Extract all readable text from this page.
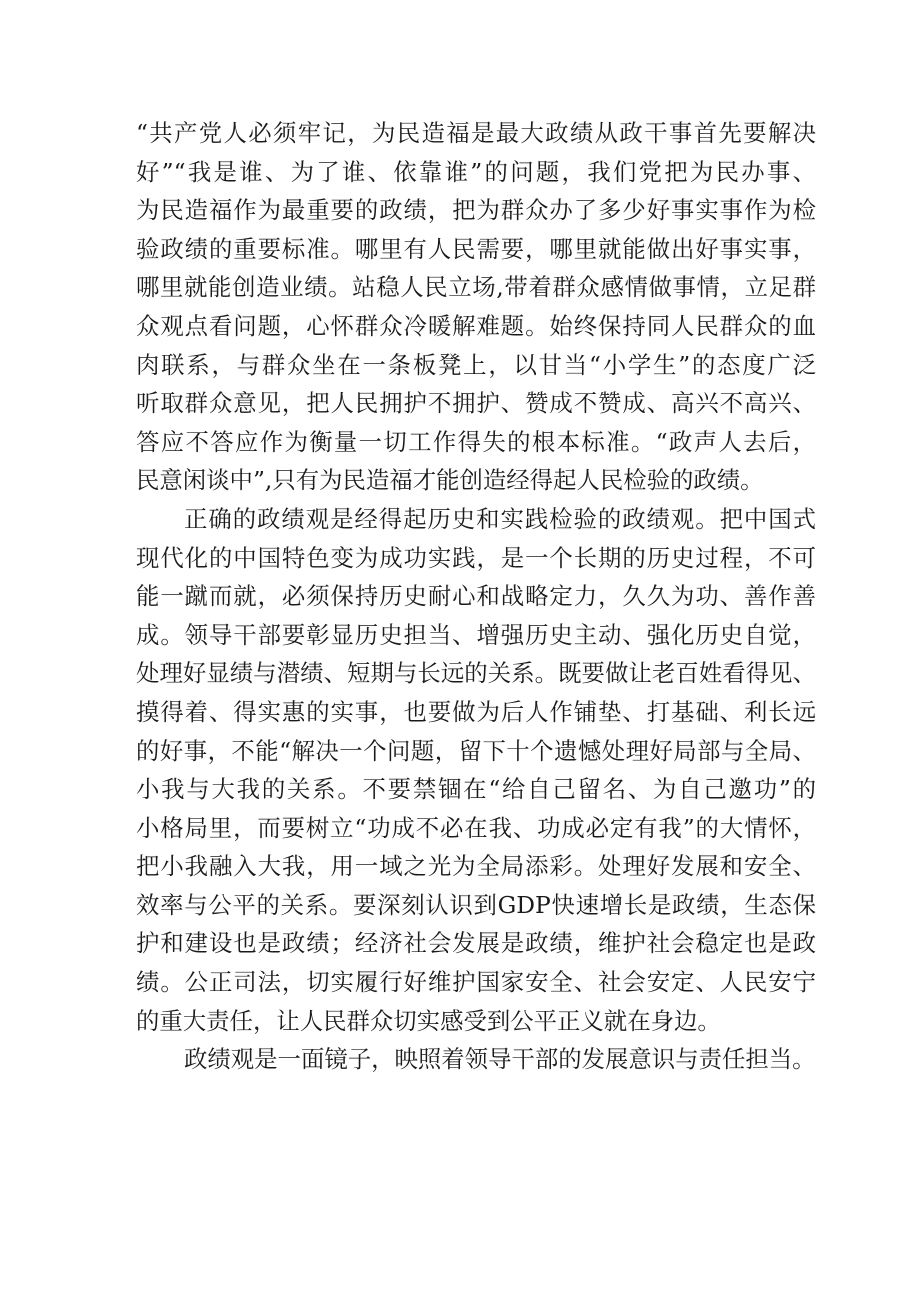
“共产党人必须牢记，为民造福是最大政绩从政干事首先要解决
好”“我是谁、为了谁、依靠谁”的问题，我们党把为民办事、
为民造福作为最重要的政绩，把为群众办了多少好事实事作为检
验政绩的重要标准。哪里有人民需要，哪里就能做出好事实事，
哪里就能创造业绩。站稳人民立场,带着群众感情做事情，立足群
众观点看问题，心怀群众冷暖解难题。始终保持同人民群众的血
肉联系，与群众坐在一条板凳上，以甘当“小学生”的态度广泛
听取群众意见，把人民拥护不拥护、赞成不赞成、高兴不高兴、
答应不答应作为衡量一切工作得失的根本标准。“政声人去后，
民意闲谈中”,只有为民造福才能创造经得起人民检验的政绩。
正确的政绩观是经得起历史和实践检验的政绩观。把中国式
现代化的中国特色变为成功实践，是一个长期的历史过程，不可
能一蹴而就，必须保持历史耐心和战略定力，久久为功、善作善
成。领导干部要彰显历史担当、增强历史主动、强化历史自觉，
处理好显绩与潜绩、短期与长远的关系。既要做让老百姓看得见、
摸得着、得实惠的实事，也要做为后人作铺垫、打基础、利长远
的好事，不能“解决一个问题，留下十个遗憾处理好局部与全局、
小我与大我的关系。不要禁锢在“给自己留名、为自己邀功”的
小格局里，而要树立“功成不必在我、功成必定有我”的大情怀，
把小我融入大我，用一域之光为全局添彩。处理好发展和安全、
效率与公平的关系。要深刻认识到GDP快速增长是政绩，生态保
护和建设也是政绩；经济社会发展是政绩，维护社会稳定也是政
绩。公正司法，切实履行好维护国家安全、社会安定、人民安宁
的重大责任，让人民群众切实感受到公平正义就在身边。
政绩观是一面镜子，映照着领导干部的发展意识与责任担当。
